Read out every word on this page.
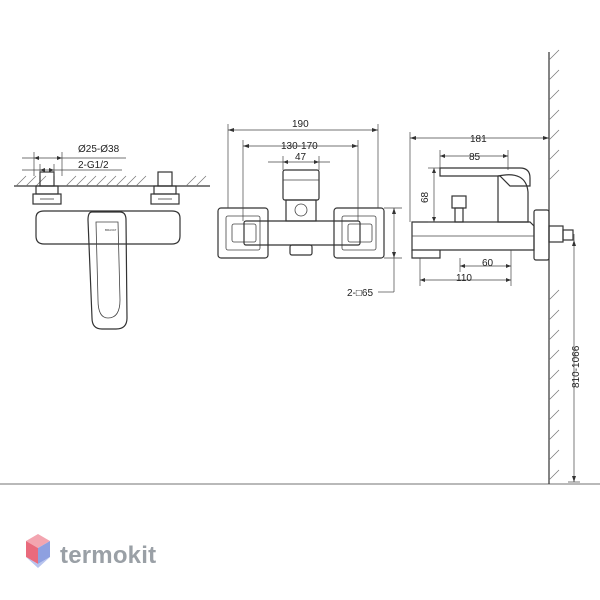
BRAVAT
Ø25-Ø38
2-G1/2
190
130-170
47
2-□65
181
85
68
60
110
810-1066
termokit
